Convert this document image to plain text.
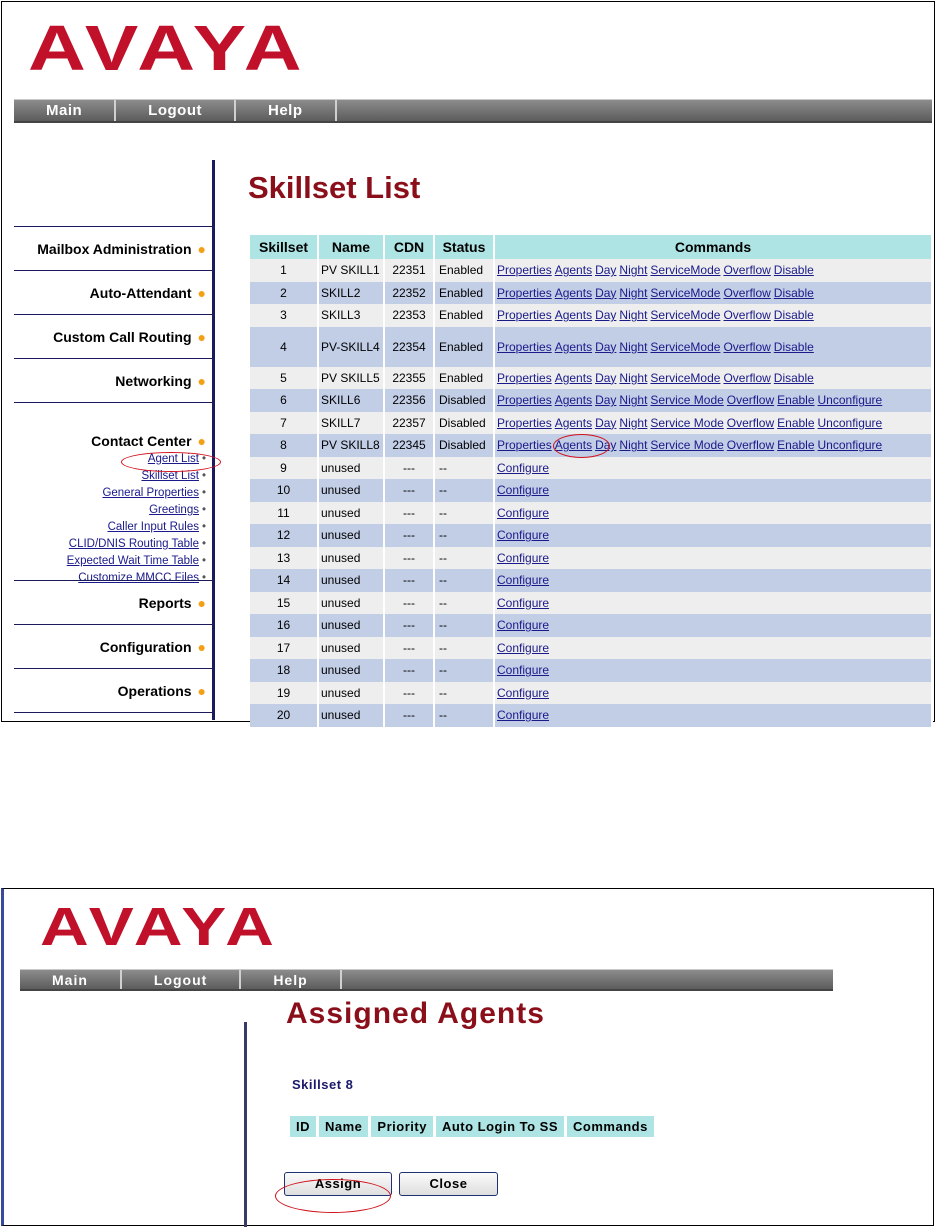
AVAYA
Main	Logout	Help
Mailbox Administration ●
Auto-Attendant ●
Custom Call Routing ●
Networking ●
Contact Center ●
Agent List •
Skillset List •
General Properties •
Greetings •
Caller Input Rules •
CLID/DNIS Routing Table •
Expected Wait Time Table •
Customize MMCC Files •
Reports ●
Configuration ●
Operations ●
Skillset List
Skillset	Name	CDN	Status	Commands
1	PV SKILL1	22351	Enabled	Properties Agents Day Night ServiceMode Overflow Disable
2	SKILL2	22352	Enabled	Properties Agents Day Night ServiceMode Overflow Disable
3	SKILL3	22353	Enabled	Properties Agents Day Night ServiceMode Overflow Disable
4	PV-SKILL4	22354	Enabled	Properties Agents Day Night ServiceMode Overflow Disable
5	PV SKILL5	22355	Enabled	Properties Agents Day Night ServiceMode Overflow Disable
6	SKILL6	22356	Disabled	Properties Agents Day Night Service Mode Overflow Enable Unconfigure
7	SKILL7	22357	Disabled	Properties Agents Day Night Service Mode Overflow Enable Unconfigure
8	PV SKILL8	22345	Disabled	Properties Agents Day Night Service Mode Overflow Enable Unconfigure
9	unused	---	--	Configure
10	unused	---	--	Configure
11	unused	---	--	Configure
12	unused	---	--	Configure
13	unused	---	--	Configure
14	unused	---	--	Configure
15	unused	---	--	Configure
16	unused	---	--	Configure
17	unused	---	--	Configure
18	unused	---	--	Configure
19	unused	---	--	Configure
20	unused	---	--	Configure
AVAYA
Main	Logout	Help
Assigned Agents
Skillset 8
ID	Name	Priority	Auto Login To SS	Commands
Assign	Close
